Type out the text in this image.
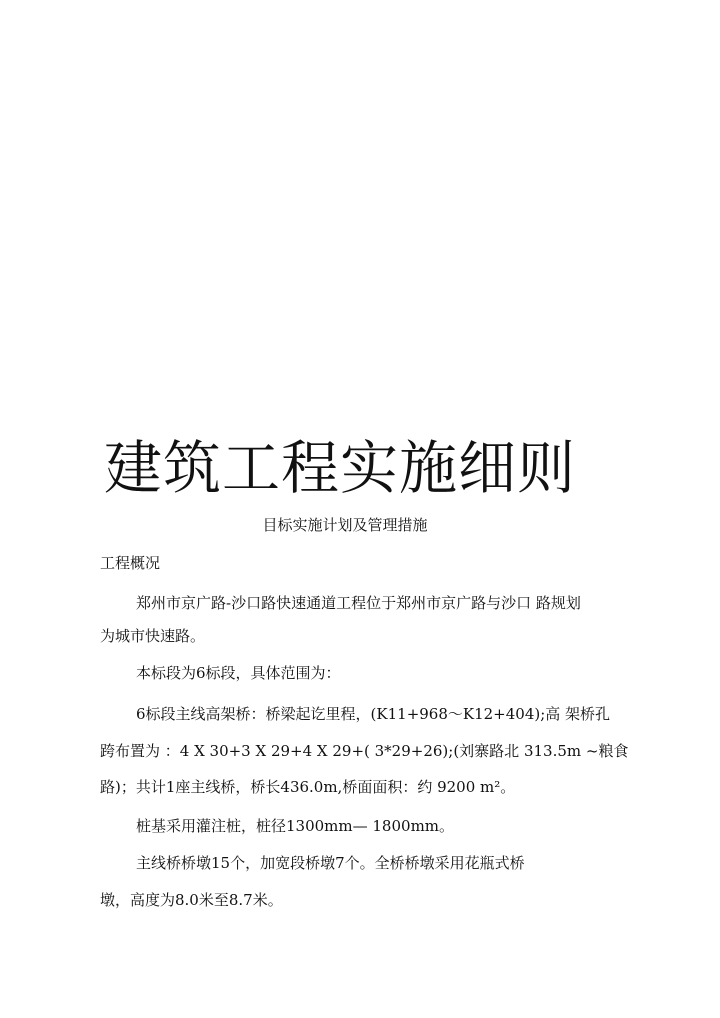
建筑工程实施细则
目标实施计划及管理措施
工程概况
郑州市京广路-沙口路快速通道工程位于郑州市京广路与沙口 路规划
为城市快速路。
本标段为6标段，具体范围为：
6标段主线高架桥：桥梁起讫里程，(K11+968～K12+404);高 架桥孔
跨布置为 ：4 X 30+3 X 29+4 X 29+( 3*29+26);(刘寨路北 313.5m ~粮食
路)；共计1座主线桥，桥长436.0m,桥面面积：约 9200 m²。
桩基采用灌注桩，桩径1300mm— 1800mm。
主线桥桥墩15个，加宽段桥墩7个。全桥桥墩采用花瓶式桥
墩，高度为8.0米至8.7米。
